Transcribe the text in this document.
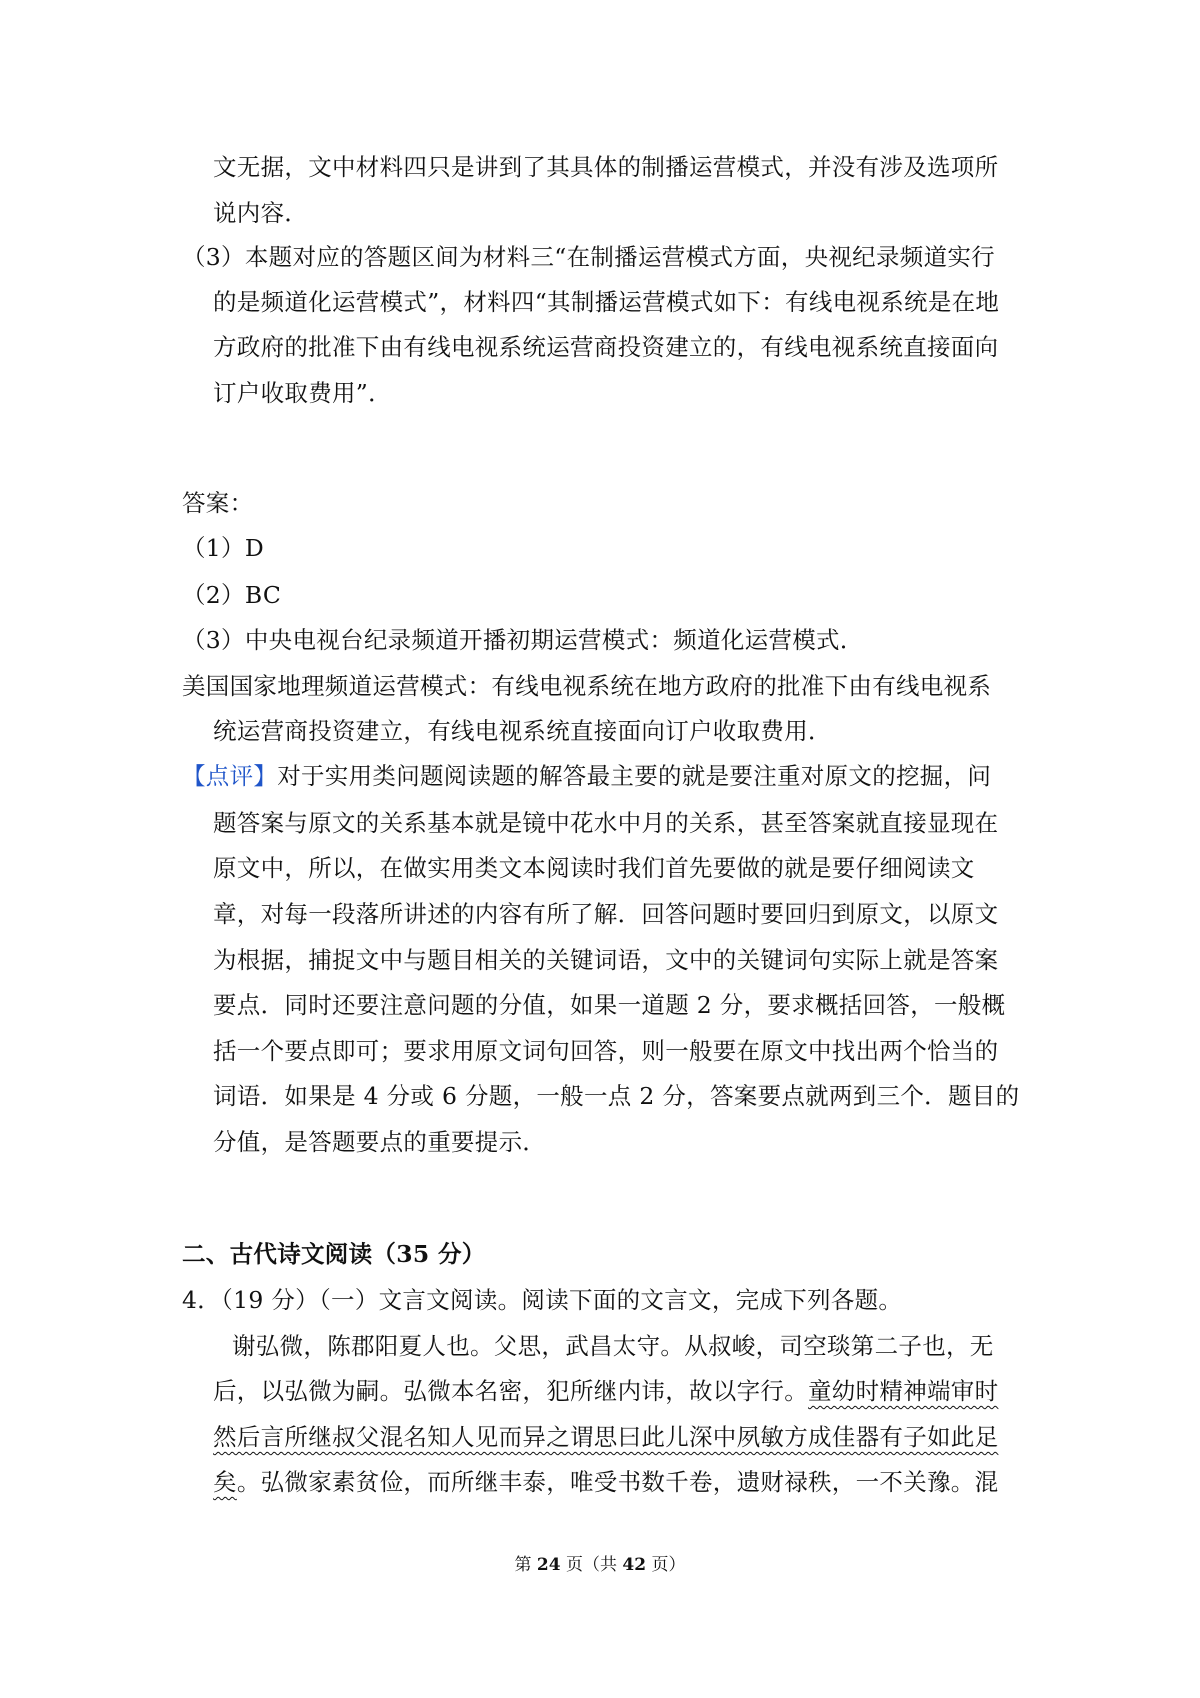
文无据，文中材料四只是讲到了其具体的制播运营模式，并没有涉及选项所
说内容．
（3）本题对应的答题区间为材料三“在制播运营模式方面，央视纪录频道实行
的是频道化运营模式”，材料四“其制播运营模式如下：有线电视系统是在地
方政府的批准下由有线电视系统运营商投资建立的，有线电视系统直接面向
订户收取费用”．
答案：
（1）D
（2）BC
（3）中央电视台纪录频道开播初期运营模式：频道化运营模式．
美国国家地理频道运营模式：有线电视系统在地方政府的批准下由有线电视系
统运营商投资建立，有线电视系统直接面向订户收取费用．
【点评】对于实用类问题阅读题的解答最主要的就是要注重对原文的挖掘，问
题答案与原文的关系基本就是镜中花水中月的关系，甚至答案就直接显现在
原文中，所以，在做实用类文本阅读时我们首先要做的就是要仔细阅读文
章，对每一段落所讲述的内容有所了解．回答问题时要回归到原文，以原文
为根据，捕捉文中与题目相关的关键词语，文中的关键词句实际上就是答案
要点．同时还要注意问题的分值，如果一道题 2 分，要求概括回答，一般概
括一个要点即可；要求用原文词句回答，则一般要在原文中找出两个恰当的
词语．如果是 4 分或 6 分题，一般一点 2 分，答案要点就两到三个．题目的
分值，是答题要点的重要提示．
二、古代诗文阅读（35 分）
4．（19 分）（一）文言文阅读。阅读下面的文言文，完成下列各题。
谢弘微，陈郡阳夏人也。父思，武昌太守。从叔峻，司空琰第二子也，无
后，以弘微为嗣。弘微本名密，犯所继内讳，故以字行。童幼时精神端审时
然后言所继叔父混名知人见而异之谓思曰此儿深中夙敏方成佳器有子如此足
矣。弘微家素贫俭，而所继丰泰，唯受书数千卷，遗财禄秩，一不关豫。混
第 24 页（共 42 页）
